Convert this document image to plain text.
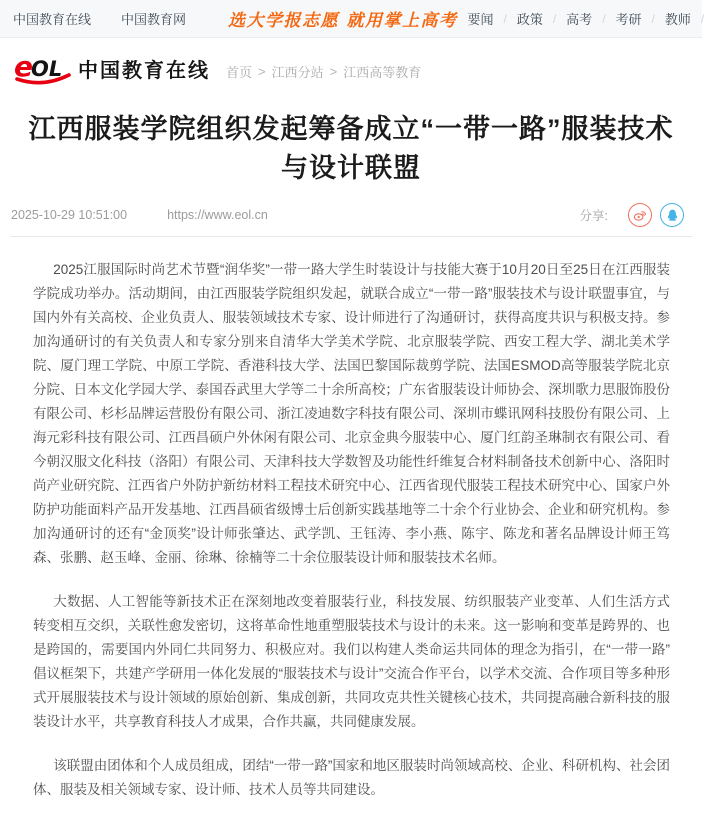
中国教育在线 中国教育网 选大学报志愿 就用掌上高考 要闻 / 政策 / 高考 / 考研 / 教师 /
e
OL 中国教育在线 首页 > 江西分站 > 江西高等教育
江西服装学院组织发起筹备成立“一带一路”服装技术与设计联盟
2025-10-29 10:51:00	https://www.eol.cn	分享:

2025江服国际时尚艺术节暨“润华奖”一带一路大学生时装设计与技能大赛于10月20日至25日在江西服装学院成功举办。活动期间，由江西服装学院组织发起，就联合成立“一带一路”服装技术与设计联盟事宜，与国内外有关高校、企业负责人、服装领域技术专家、设计师进行了沟通研讨，获得高度共识与积极支持。参加沟通研讨的有关负责人和专家分别来自清华大学美术学院、北京服装学院、西安工程大学、湖北美术学院、厦门理工学院、中原工学院、香港科技大学、法国巴黎国际裁剪学院、法国ESMOD高等服装学院北京分院、日本文化学园大学、泰国吞武里大学等二十余所高校；广东省服装设计师协会、深圳歌力思服饰股份有限公司、杉杉品牌运营股份有限公司、浙江凌迪数字科技有限公司、深圳市蝶讯网科技股份有限公司、上海元彩科技有限公司、江西昌硕户外休闲有限公司、北京金典今服装中心、厦门红韵圣琳制衣有限公司、看今朝汉服文化科技（洛阳）有限公司、天津科技大学数智及功能性纤维复合材料制备技术创新中心、洛阳时尚产业研究院、江西省户外防护新纺材料工程技术研究中心、江西省现代服装工程技术研究中心、国家户外防护功能面料产品开发基地、江西昌硕省级博士后创新实践基地等二十余个行业协会、企业和研究机构。参加沟通研讨的还有“金顶奖”设计师张肇达、武学凯、王钰涛、李小燕、陈宇、陈龙和著名品牌设计师王笃森、张鹏、赵玉峰、金丽、徐琳、徐楠等二十余位服装设计师和服装技术名师。

大数据、人工智能等新技术正在深刻地改变着服装行业，科技发展、纺织服装产业变革、人们生活方式转变相互交织，关联性愈发密切，这将革命性地重塑服装技术与设计的未来。这一影响和变革是跨界的、也是跨国的，需要国内外同仁共同努力、积极应对。我们以构建人类命运共同体的理念为指引，在“一带一路”倡议框架下，共建产学研用一体化发展的“服装技术与设计”交流合作平台，以学术交流、合作项目等多种形式开展服装技术与设计领域的原始创新、集成创新，共同攻克共性关键核心技术，共同提高融合新科技的服装设计水平，共享教育科技人才成果，合作共赢，共同健康发展。

该联盟由团体和个人成员组成，团结“一带一路”国家和地区服装时尚领域高校、企业、科研机构、社会团体、服装及相关领域专家、设计师、技术人员等共同建设。
